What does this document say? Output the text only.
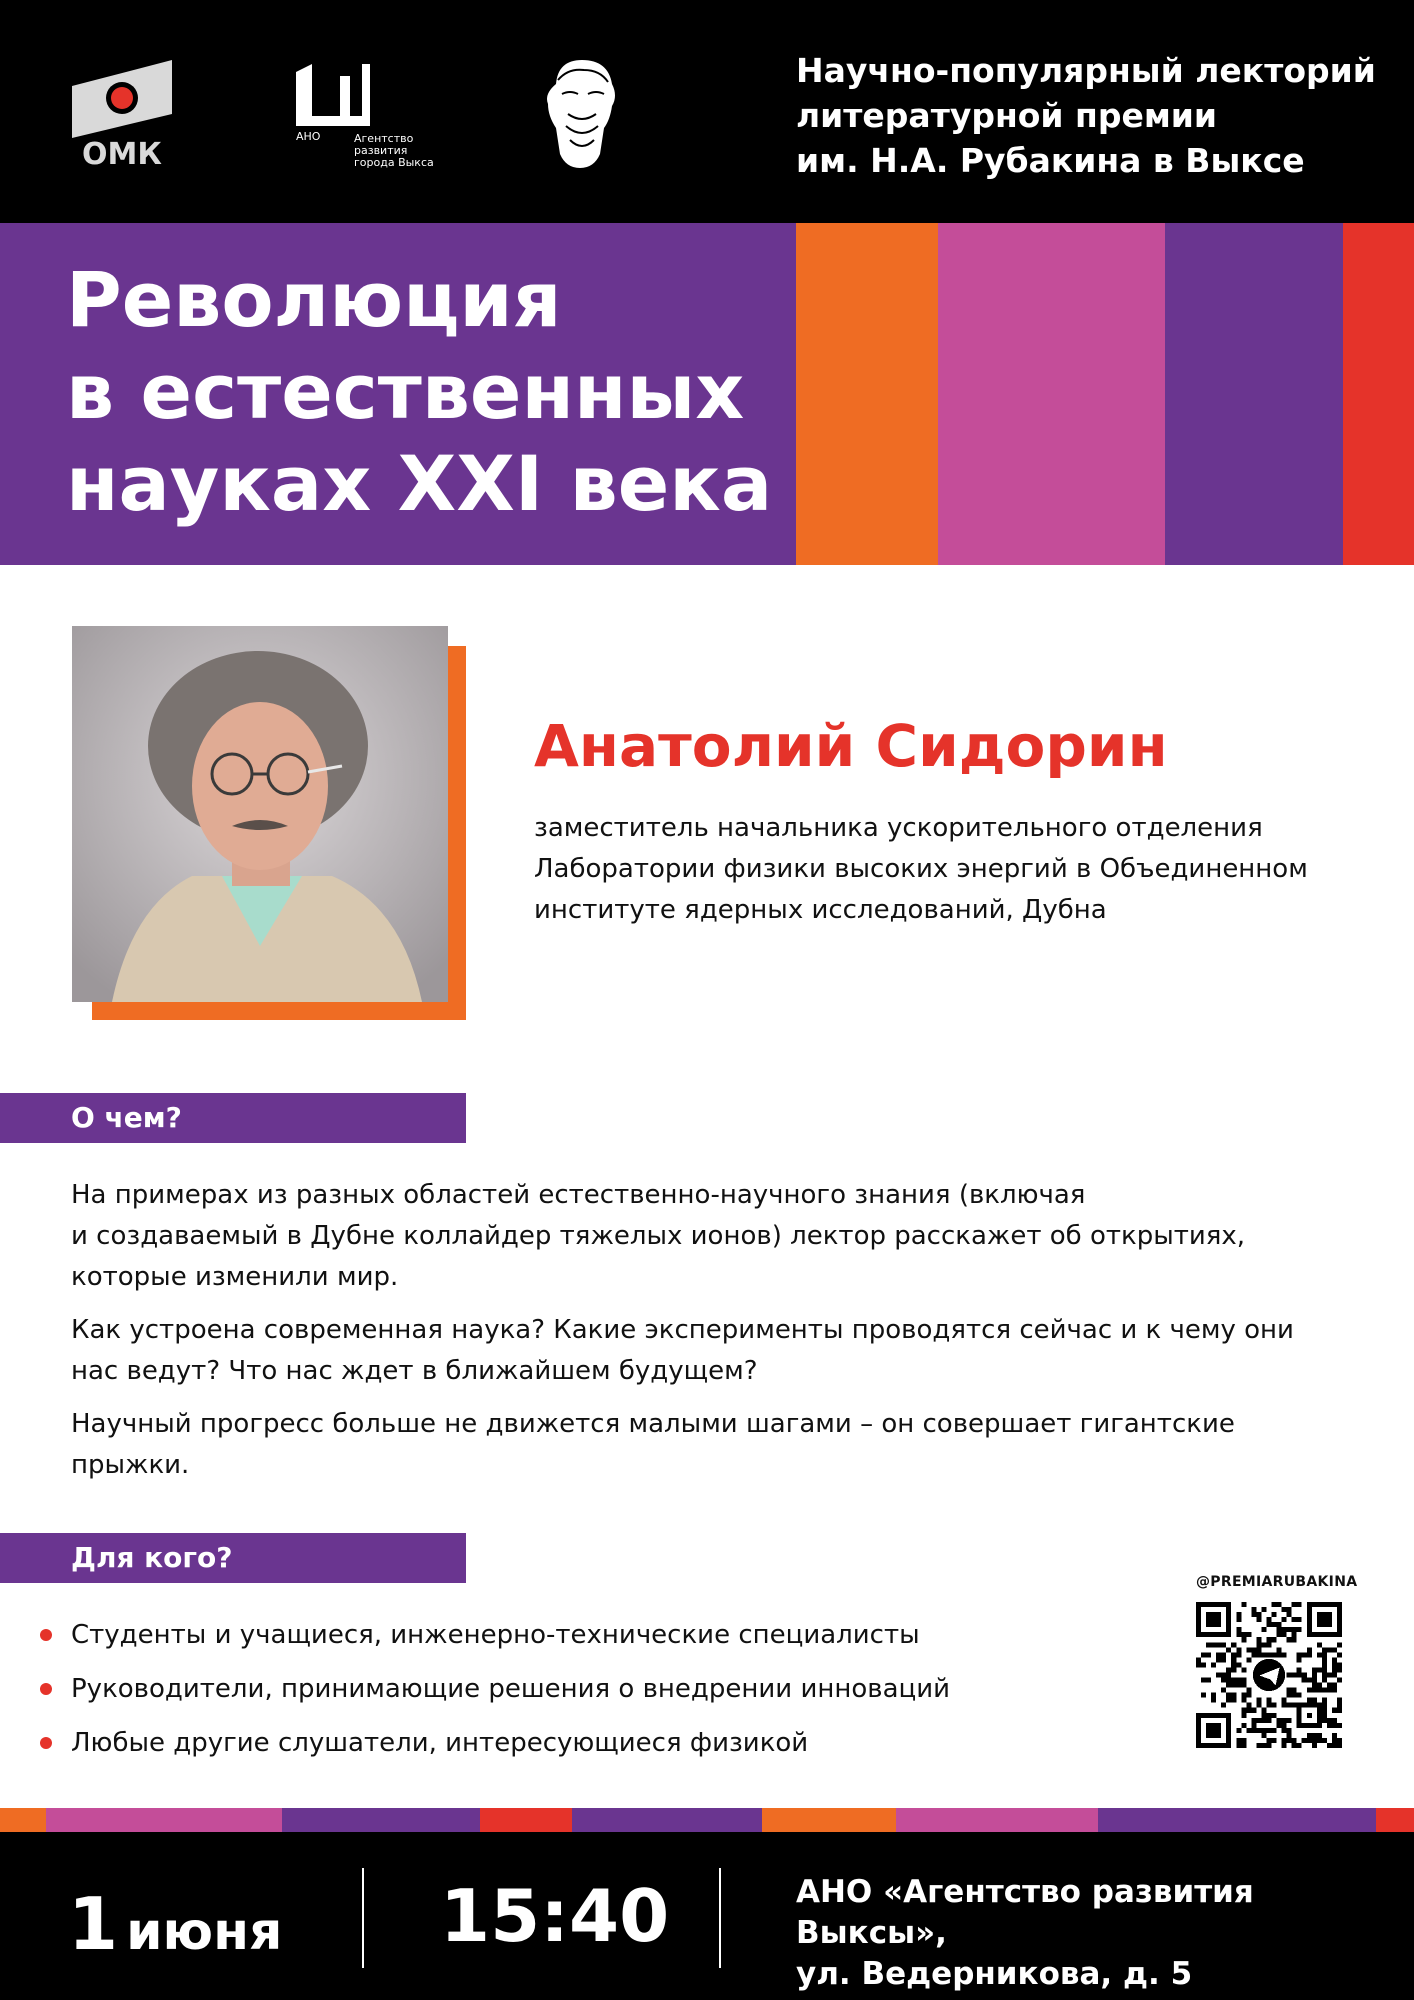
ОМК
АНО	Агентство
развития
города Выкса
Научно-популярный лекторий
литературной премии
им. Н.А. Рубакина в Выксе
Революция
в естественных
науках XXI века
Анатолий Сидорин
заместитель начальника ускорительного отделения
Лаборатории физики высоких энергий в Объединенном
институте ядерных исследований, Дубна
О чем?

На примерах из разных областей естественно-научного знания (включая
и создаваемый в Дубне коллайдер тяжелых ионов) лектор расскажет об открытиях,
которые изменили мир.

Как устроена современная наука? Какие эксперименты проводятся сейчас и к чему они
нас ведут? Что нас ждет в ближайшем будущем?

Научный прогресс больше не движется малыми шагами – он совершает гигантские
прыжки.

Для кого?
Студенты и учащиеся, инженерно-технические специалисты
Руководители, принимающие решения о внедрении инноваций
Любые другие слушатели, интересующиеся физикой
@PREMIARUBAKINA
1 июня 15:40	АНО «Агентство развития Выксы»,
ул. Ведерникова, д. 5
